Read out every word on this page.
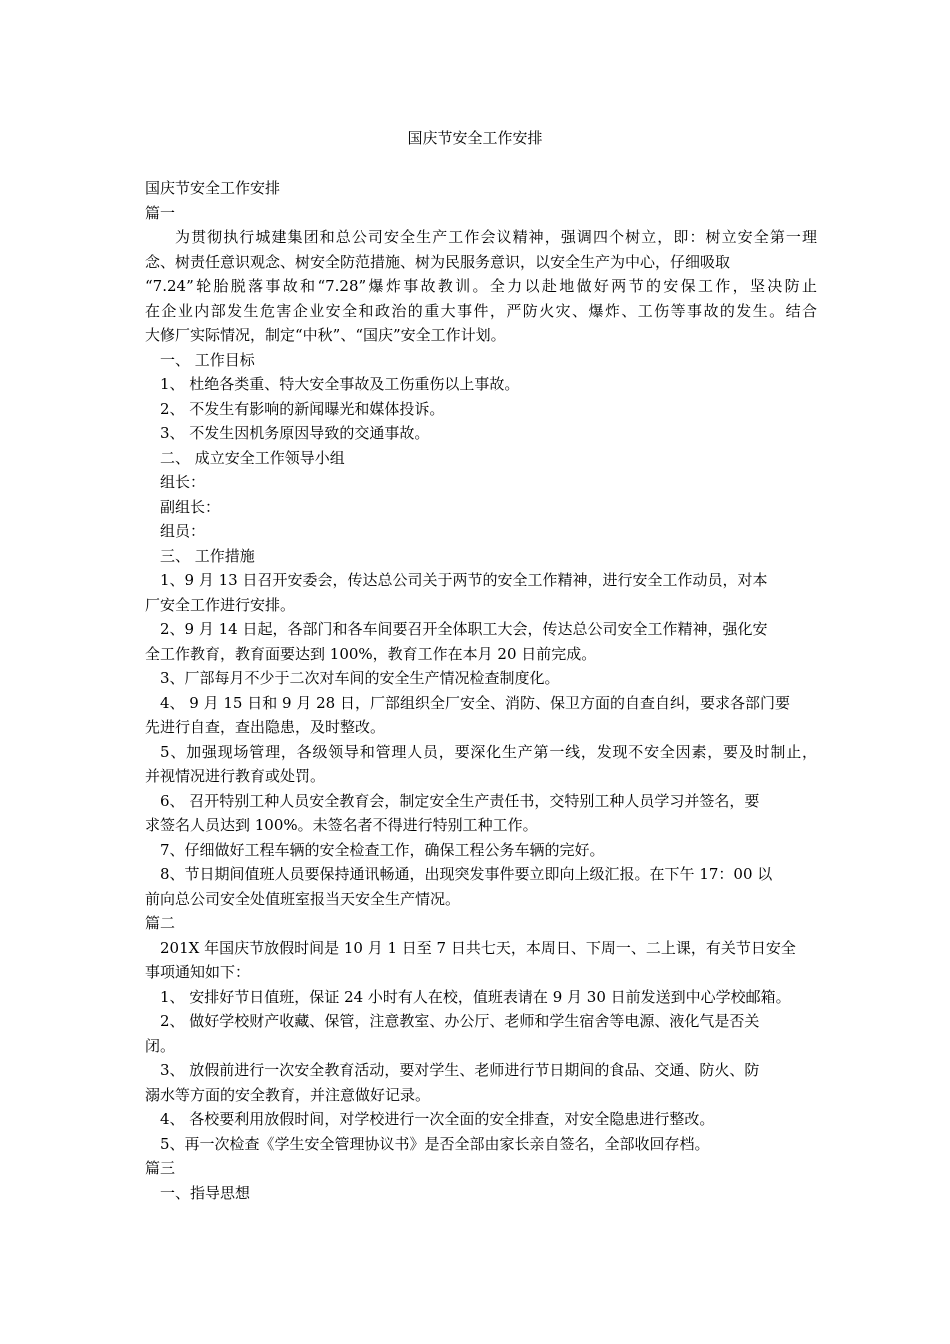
国庆节安全工作安排
国庆节安全工作安排
篇一
为贯彻执行城建集团和总公司安全生产工作会议精神，强调四个树立，即：树立安全第一理
念、树责任意识观念、树安全防范措施、树为民服务意识，以安全生产为中心，仔细吸取
“7.24”轮胎脱落事故和“7.28”爆炸事故教训。全力以赴地做好两节的安保工作，坚决防止
在企业内部发生危害企业安全和政治的重大事件，严防火灾、爆炸、工伤等事故的发生。结合
大修厂实际情况，制定“中秋”、“国庆”安全工作计划。
一、 工作目标
1、 杜绝各类重、特大安全事故及工伤重伤以上事故。
2、 不发生有影响的新闻曝光和媒体投诉。
3、 不发生因机务原因导致的交通事故。
二、 成立安全工作领导小组
组长：
副组长：
组员：
三、 工作措施
1、9 月 13 日召开安委会，传达总公司关于两节的安全工作精神，进行安全工作动员，对本
厂安全工作进行安排。
2、9 月 14 日起，各部门和各车间要召开全体职工大会，传达总公司安全工作精神，强化安
全工作教育，教育面要达到 100%，教育工作在本月 20 日前完成。
3、厂部每月不少于二次对车间的安全生产情况检查制度化。
4、 9 月 15 日和 9 月 28 日，厂部组织全厂安全、消防、保卫方面的自查自纠，要求各部门要
先进行自查，查出隐患，及时整改。
5、加强现场管理，各级领导和管理人员，要深化生产第一线，发现不安全因素，要及时制止，
并视情况进行教育或处罚。
6、 召开特别工种人员安全教育会，制定安全生产责任书，交特别工种人员学习并签名，要
求签名人员达到 100%。未签名者不得进行特别工种工作。
7、仔细做好工程车辆的安全检查工作，确保工程公务车辆的完好。
8、节日期间值班人员要保持通讯畅通，出现突发事件要立即向上级汇报。在下午 17：00 以
前向总公司安全处值班室报当天安全生产情况。
篇二
201X 年国庆节放假时间是 10 月 1 日至 7 日共七天，本周日、下周一、二上课，有关节日安全
事项通知如下：
1、 安排好节日值班，保证 24 小时有人在校，值班表请在 9 月 30 日前发送到中心学校邮箱。
2、 做好学校财产收藏、保管，注意教室、办公厅、老师和学生宿舍等电源、液化气是否关
闭。
3、 放假前进行一次安全教育活动，要对学生、老师进行节日期间的食品、交通、防火、防
溺水等方面的安全教育，并注意做好记录。
4、 各校要利用放假时间，对学校进行一次全面的安全排查，对安全隐患进行整改。
5、再一次检查《学生安全管理协议书》是否全部由家长亲自签名，全部收回存档。
篇三
一、指导思想
